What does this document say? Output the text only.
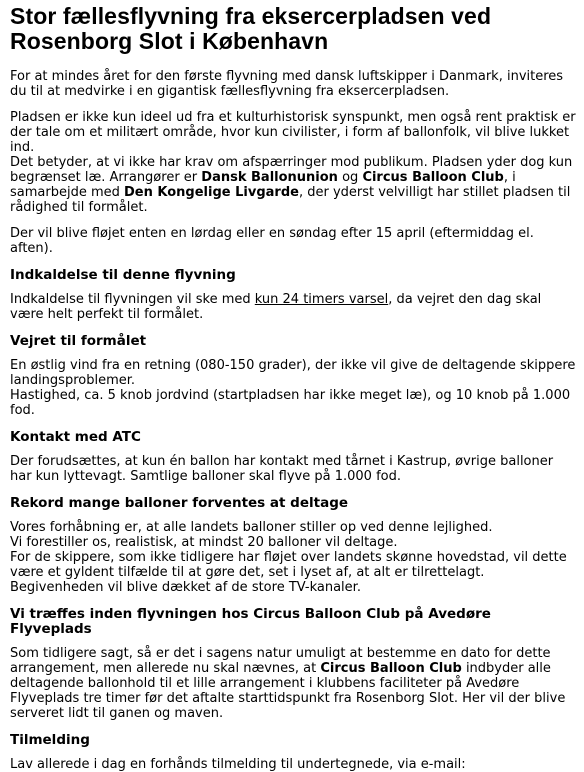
Stor fællesflyvning fra eksercerpladsen ved Rosenborg Slot i København

For at mindes året for den første flyvning med dansk luftskipper i Danmark, inviteres du til at medvirke i en gigantisk fællesflyvning fra eksercerpladsen.

Pladsen er ikke kun ideel ud fra et kulturhistorisk synspunkt, men også rent praktisk er der tale om et militært område, hvor kun civilister, i form af ballonfolk, vil blive lukket ind.
Det betyder, at vi ikke har krav om afspærringer mod publikum. Pladsen yder dog kun begrænset læ. Arrangører er Dansk Ballonunion og Circus Balloon Club, i samarbejde med Den Kongelige Livgarde, der yderst velvilligt har stillet pladsen til rådighed til formålet.

Der vil blive fløjet enten en lørdag eller en søndag efter 15 april (eftermiddag el. aften).

Indkaldelse til denne flyvning

Indkaldelse til flyvningen vil ske med kun 24 timers varsel, da vejret den dag skal være helt perfekt til formålet.

Vejret til formålet

En østlig vind fra en retning (080-150 grader), der ikke vil give de deltagende skippere landingsproblemer.
Hastighed, ca. 5 knob jordvind (startpladsen har ikke meget læ), og 10 knob på 1.000 fod.

Kontakt med ATC

Der forudsættes, at kun én ballon har kontakt med tårnet i Kastrup, øvrige balloner har kun lyttevagt. Samtlige balloner skal flyve på 1.000 fod.

Rekord mange balloner forventes at deltage

Vores forhåbning er, at alle landets balloner stiller op ved denne lejlighed.
Vi forestiller os, realistisk, at mindst 20 balloner vil deltage.
For de skippere, som ikke tidligere har fløjet over landets skønne hovedstad, vil dette være et gyldent tilfælde til at gøre det, set i lyset af, at alt er tilrettelagt.
Begivenheden vil blive dækket af de store TV-kanaler.

Vi træffes inden flyvningen hos Circus Balloon Club på Avedøre Flyveplads

Som tidligere sagt, så er det i sagens natur umuligt at bestemme en dato for dette arrangement, men allerede nu skal nævnes, at Circus Balloon Club indbyder alle deltagende ballonhold til et lille arrangement i klubbens faciliteter på Avedøre Flyveplads tre timer før det aftalte starttidspunkt fra Rosenborg Slot. Her vil der blive serveret lidt til ganen og maven.

Tilmelding

Lav allerede i dag en forhånds tilmelding til undertegnede, via e-mail:
